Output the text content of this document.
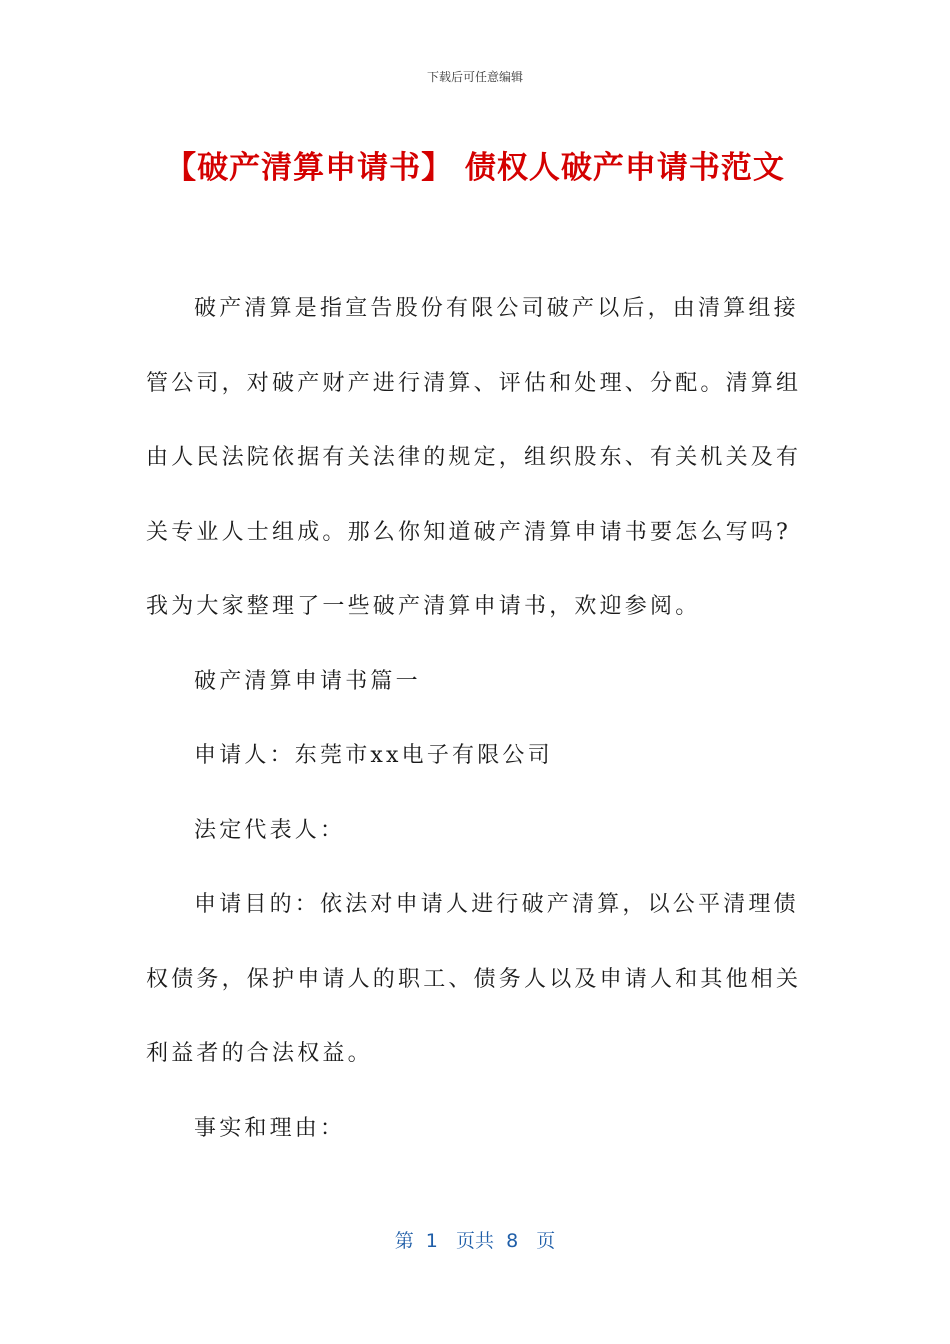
下载后可任意编辑
【破产清算申请书】 债权人破产申请书范文

破产清算是指宣告股份有限公司破产以后，由清算组接管公司，对破产财产进行清算、评估和处理、分配。清算组由人民法院依据有关法律的规定，组织股东、有关机关及有关专业人士组成。那么你知道破产清算申请书要怎么写吗?我为大家整理了一些破产清算申请书，欢迎参阅。

破产清算申请书篇一

申请人：东莞市xx电子有限公司

法定代表人：

申请目的：依法对申请人进行破产清算，以公平清理债权债务，保护申请人的职工、债务人以及申请人和其他相关利益者的合法权益。

事实和理由：

第  1   页共  8   页
